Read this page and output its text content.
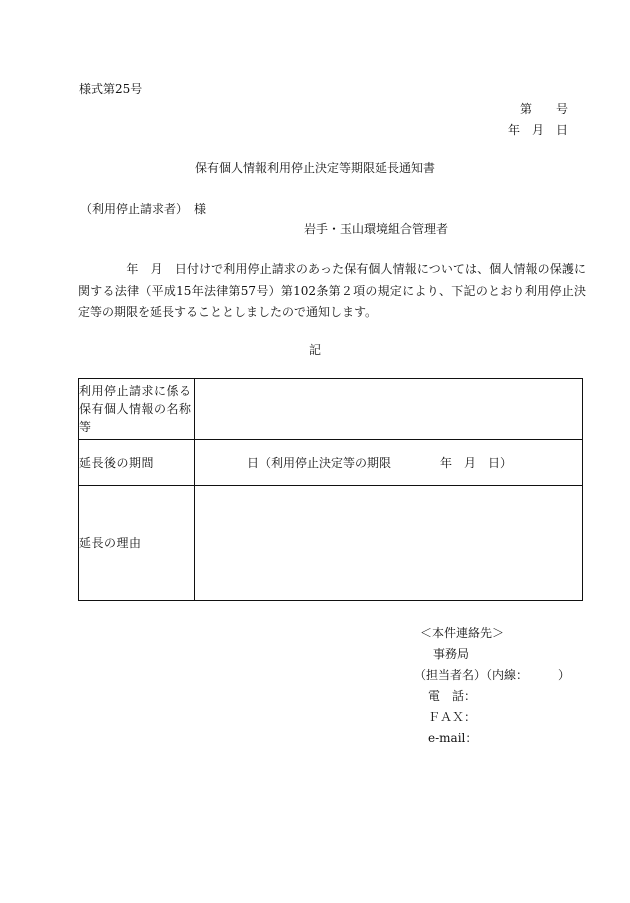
様式第25号
第　　号
年　月　日
保有個人情報利用停止決定等期限延長通知書
（利用停止請求者）　様
岩手・玉山環境組合管理者
　　　　年　月　日付けで利用停止請求のあった保有個人情報については、個人情報の保護に関する法律（平成15年法律第57号）第102条第２項の規定により、下記のとおり利用停止決定等の期限を延長することとしましたので通知します。
記
利用停止請求に係る
保有個人情報の名称
等	
延長後の期間	日（利用停止決定等の期限 年　月　日）

延長の理由	
＜本件連絡先＞
事務局
（担当者名）（内線：　　　）
電　話：
ＦＡＸ：
e-mail：
